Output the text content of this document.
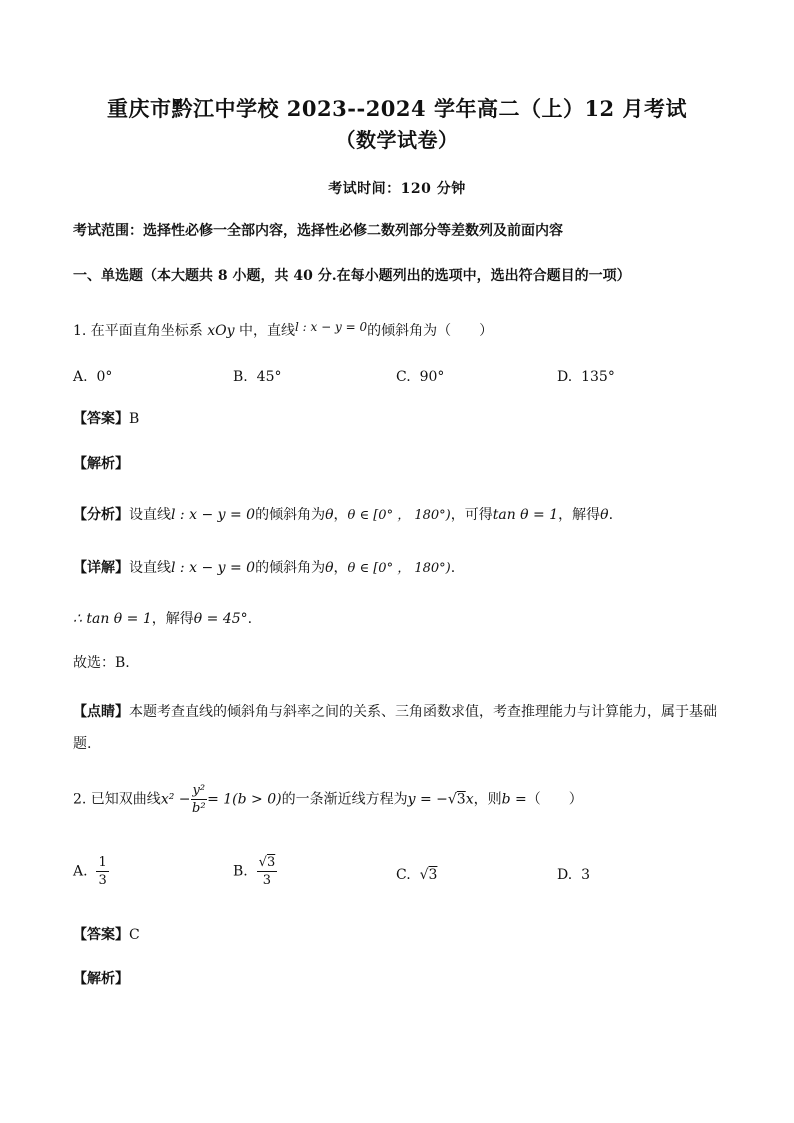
重庆市黔江中学校 2023--2024 学年高二（上）12 月考试
（数学试卷）
考试时间：120 分钟
考试范围：选择性必修一全部内容，选择性必修二数列部分等差数列及前面内容
一、单选题（本大题共 8 小题，共 40 分.在每小题列出的选项中，选出符合题目的一项）
1. 在平面直角坐标系 xOy 中，直线l : x − y = 0的倾斜角为（　　）
A. 0°	B. 45°	C. 90°	D. 135°
【答案】B
【解析】
【分析】设直线l : x − y = 0的倾斜角为θ，θ ∈ [0° ， 180°)，可得tan θ = 1，解得θ.
【详解】设直线l : x − y = 0的倾斜角为θ，θ ∈ [0° ， 180°).
∴ tan θ = 1，解得θ = 45°.
故选：B.
【点睛】本题考查直线的倾斜角与斜率之间的关系、三角函数求值，考查推理能力与计算能力，属于基础题.
2. 已知双曲线$x^2 - \frac{\text{y²}}{\text{b²}} = 1(b > 0)$的一条渐近线方程为y = −√3x，则b =（　　）
A. $\frac{1}{3}$	B. $\frac{√3}{3}$	C. √3	D. 3
【答案】C
【解析】
